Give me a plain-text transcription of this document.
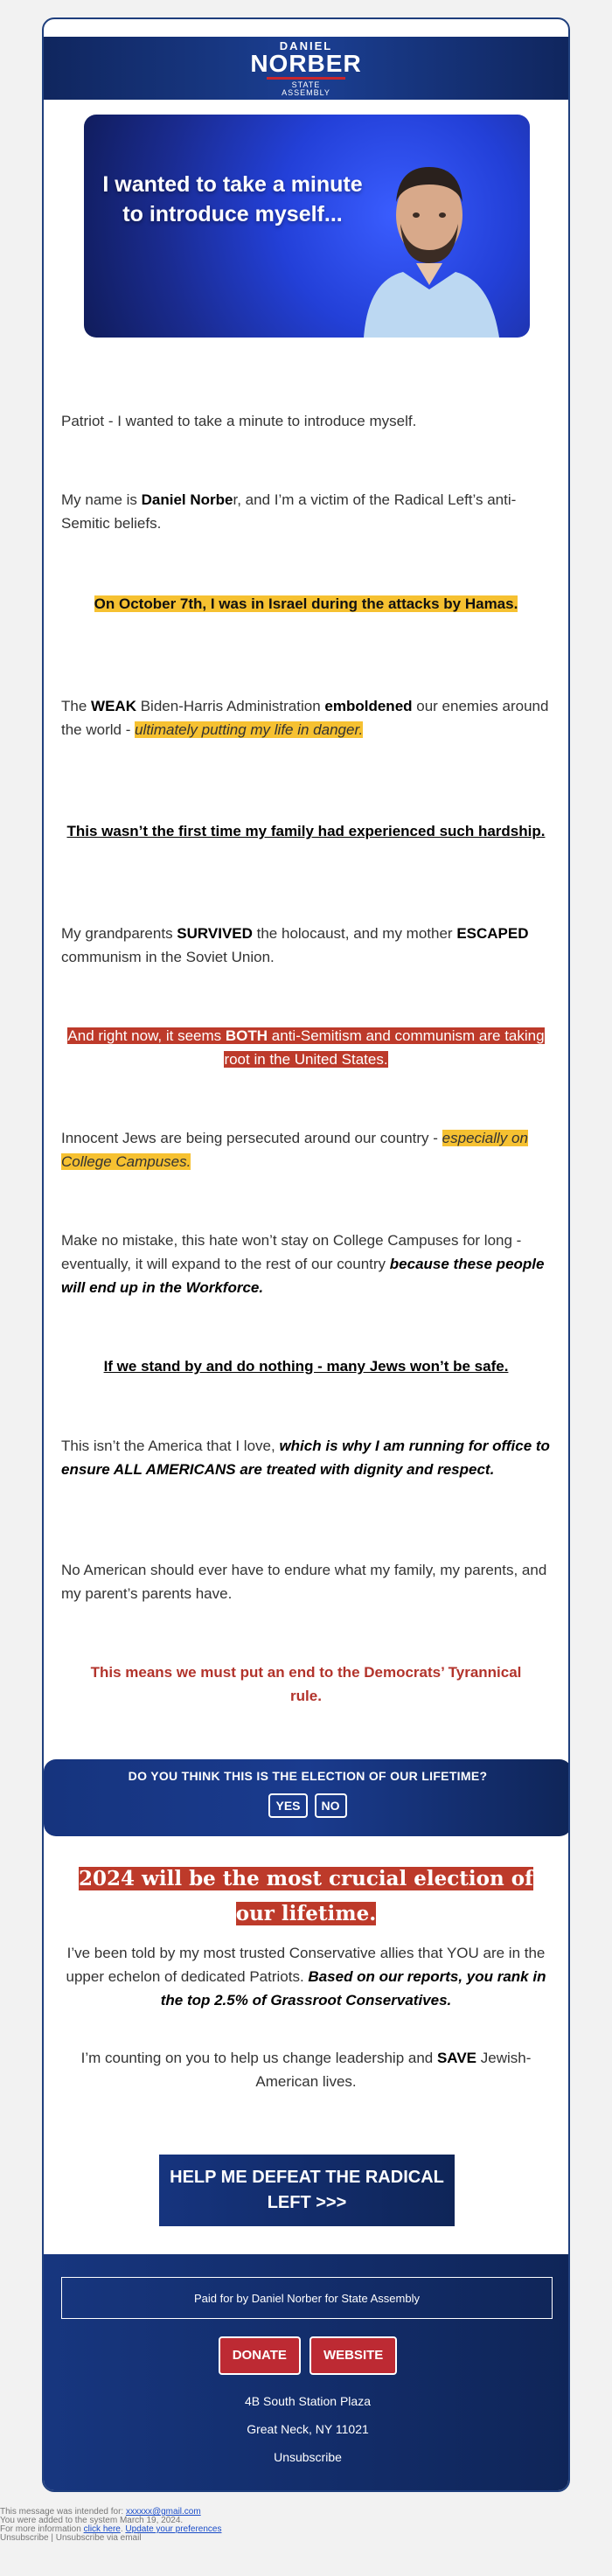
DANIEL
NORBER
STATE
ASSEMBLY
I wanted to take a minute to introduce myself...

Patriot - I wanted to take a minute to introduce myself.

My name is Daniel Norber, and I’m a victim of the Radical Left’s anti-Semitic beliefs.

On October 7th, I was in Israel during the attacks by Hamas.

The WEAK Biden-Harris Administration emboldened our enemies around the world - ultimately putting my life in danger.

This wasn’t the first time my family had experienced such hardship.

My grandparents SURVIVED the holocaust, and my mother ESCAPED communism in the Soviet Union.

And right now, it seems BOTH anti-Semitism and communism are taking root in the United States.

Innocent Jews are being persecuted around our country - especially on College Campuses.

Make no mistake, this hate won’t stay on College Campuses for long - eventually, it will expand to the rest of our country because these people will end up in the Workforce.

If we stand by and do nothing - many Jews won’t be safe.

This isn’t the America that I love, which is why I am running for office to ensure ALL AMERICANS are treated with dignity and respect.

No American should ever have to endure what my family, my parents, and my parent’s parents have.

This means we must put an end to the Democrats’ Tyrannical rule.

DO YOU THINK THIS IS THE ELECTION OF OUR LIFETIME?
YES	NO

2024 will be the most crucial election of our lifetime.

I’ve been told by my most trusted Conservative allies that YOU are in the upper echelon of dedicated Patriots. Based on our reports, you rank in the top 2.5% of Grassroot Conservatives.

I’m counting on you to help us change leadership and SAVE Jewish-American lives.

HELP ME DEFEAT THE RADICAL LEFT >>>
Paid for by Daniel Norber for State Assembly
DONATE	WEBSITE
4B South Station Plaza
Great Neck, NY 11021
Unsubscribe
This message was intended for: xxxxxx@gmail.com
You were added to the system March 19, 2024.
For more information click here. Update your preferences
Unsubscribe | Unsubscribe via email
